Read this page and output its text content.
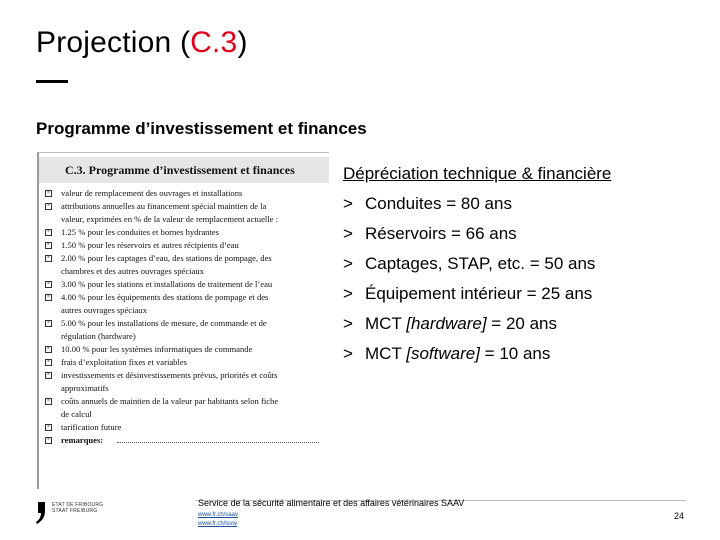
Projection (C.3)
Programme d’investissement et finances
C.3. Programme d’investissement et finances
× valeur de remplacement des ouvrages et installations
× attributions annuelles au financement spécial maintien de la
valeur, exprimées en % de la valeur de remplacement actuelle :
× 1.25 % pour les conduites et bornes hydrantes
× 1.50 % pour les réservoirs et autres récipients d’eau
× 2.00 % pour les captages d’eau, des stations de pompage, des
chambres et des autres ouvrages spéciaux
× 3.00 % pour les stations et installations de traitement de l’eau
× 4.00 % pour les équipements des stations de pompage et des
autres ouvrages spéciaux
× 5.00 % pour les installations de mesure, de commande et de
régulation (hardware)
× 10.00 % pour les systèmes informatiques de commande
× frais d’exploitation fixes et variables
× investissements et désinvestissements prévus, priorités et coûts
approximatifs
× coûts annuels de maintien de la valeur par habitants selon fiche
de calcul
× tarification future
× remarques:
Dépréciation technique & financière
> Conduites = 80 ans
> Réservoirs = 66 ans
> Captages, STAP, etc. = 50 ans
> Équipement intérieur = 25 ans
> MCT [hardware] = 20 ans
> MCT [software] = 10 ans
ETAT DE FRIBOURG
STAAT FREIBURG
Service de la sécurité alimentaire et des affaires vétérinaires SAAV
www.fr.ch/saav
www.fr.ch/lsvw
24
